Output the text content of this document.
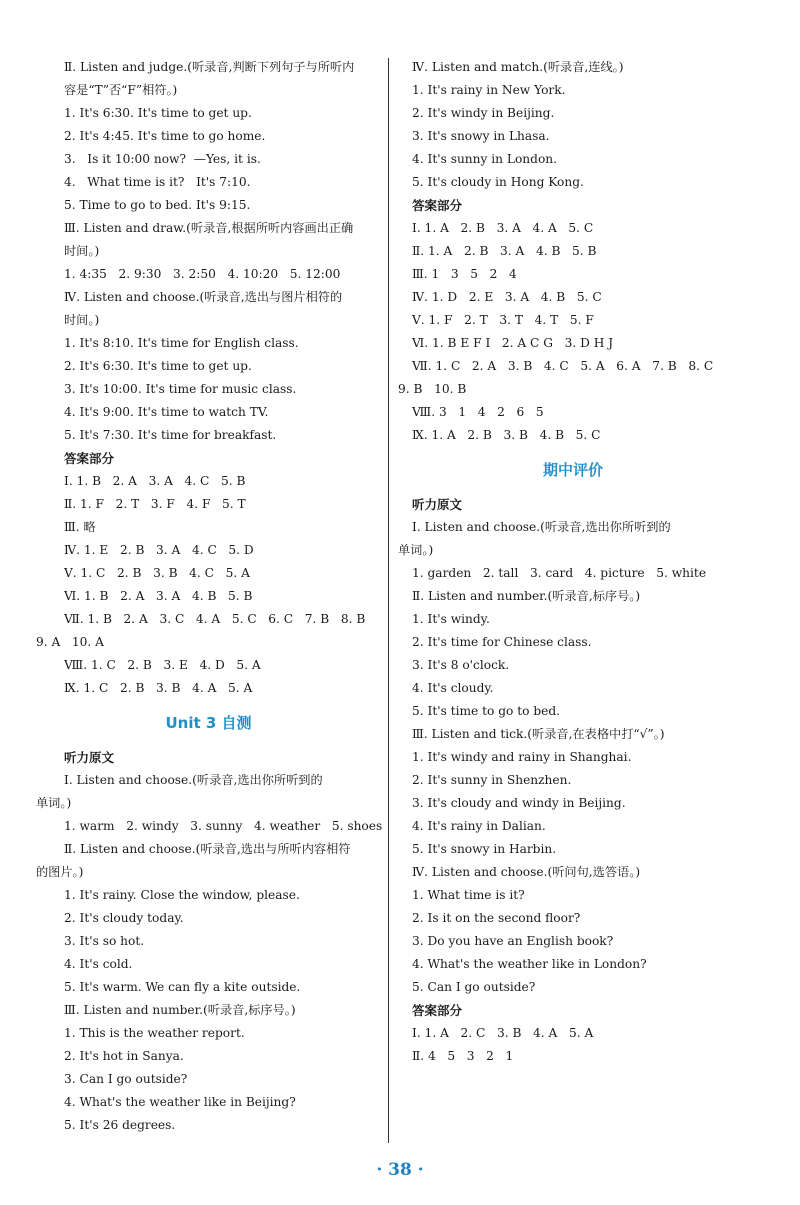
Ⅱ. Listen and judge.(听录音,判断下列句子与所听内
容是“T”否“F”相符。)
1. It's 6:30. It's time to get up.
2. It's 4:45. It's time to go home.
3.   Is it 10:00 now?  —Yes, it is.
4.   What time is it?   It's 7:10.
5. Time to go to bed. It's 9:15.
Ⅲ. Listen and draw.(听录音,根据所听内容画出正确
时间。)
1. 4:35   2. 9:30   3. 2:50   4. 10:20   5. 12:00
Ⅳ. Listen and choose.(听录音,选出与图片相符的
时间。)
1. It's 8:10. It's time for English class.
2. It's 6:30. It's time to get up.
3. It's 10:00. It's time for music class.
4. It's 9:00. It's time to watch TV.
5. It's 7:30. It's time for breakfast.
答案部分
Ⅰ. 1. B   2. A   3. A   4. C   5. B
Ⅱ. 1. F   2. T   3. F   4. F   5. T
Ⅲ. 略
Ⅳ. 1. E   2. B   3. A   4. C   5. D
Ⅴ. 1. C   2. B   3. B   4. C   5. A
Ⅵ. 1. B   2. A   3. A   4. B   5. B
Ⅶ. 1. B   2. A   3. C   4. A   5. C   6. C   7. B   8. B
9. A   10. A
Ⅷ. 1. C   2. B   3. E   4. D   5. A
Ⅸ. 1. C   2. B   3. B   4. A   5. A
Unit 3 自测
听力原文
Ⅰ. Listen and choose.(听录音,选出你所听到的
单词。)
1. warm   2. windy   3. sunny   4. weather   5. shoes
Ⅱ. Listen and choose.(听录音,选出与所听内容相符
的图片。)
1. It's rainy. Close the window, please.
2. It's cloudy today.
3. It's so hot.
4. It's cold.
5. It's warm. We can fly a kite outside.
Ⅲ. Listen and number.(听录音,标序号。)
1. This is the weather report.
2. It's hot in Sanya.
3. Can I go outside?
4. What's the weather like in Beijing?
5. It's 26 degrees.
Ⅳ. Listen and match.(听录音,连线。)
1. It's rainy in New York.
2. It's windy in Beijing.
3. It's snowy in Lhasa.
4. It's sunny in London.
5. It's cloudy in Hong Kong.
答案部分
Ⅰ. 1. A   2. B   3. A   4. A   5. C
Ⅱ. 1. A   2. B   3. A   4. B   5. B
Ⅲ. 1   3   5   2   4
Ⅳ. 1. D   2. E   3. A   4. B   5. C
Ⅴ. 1. F   2. T   3. T   4. T   5. F
Ⅵ. 1. B E F I   2. A C G   3. D H J
Ⅶ. 1. C   2. A   3. B   4. C   5. A   6. A   7. B   8. C
9. B   10. B
Ⅷ. 3   1   4   2   6   5
Ⅸ. 1. A   2. B   3. B   4. B   5. C
期中评价
听力原文
Ⅰ. Listen and choose.(听录音,选出你所听到的
单词。)
1. garden   2. tall   3. card   4. picture   5. white
Ⅱ. Listen and number.(听录音,标序号。)
1. It's windy.
2. It's time for Chinese class.
3. It's 8 o'clock.
4. It's cloudy.
5. It's time to go to bed.
Ⅲ. Listen and tick.(听录音,在表格中打“√”。)
1. It's windy and rainy in Shanghai.
2. It's sunny in Shenzhen.
3. It's cloudy and windy in Beijing.
4. It's rainy in Dalian.
5. It's snowy in Harbin.
Ⅳ. Listen and choose.(听问句,选答语。)
1. What time is it?
2. Is it on the second floor?
3. Do you have an English book?
4. What's the weather like in London?
5. Can I go outside?
答案部分
Ⅰ. 1. A   2. C   3. B   4. A   5. A
Ⅱ. 4   5   3   2   1
· 38 ·
